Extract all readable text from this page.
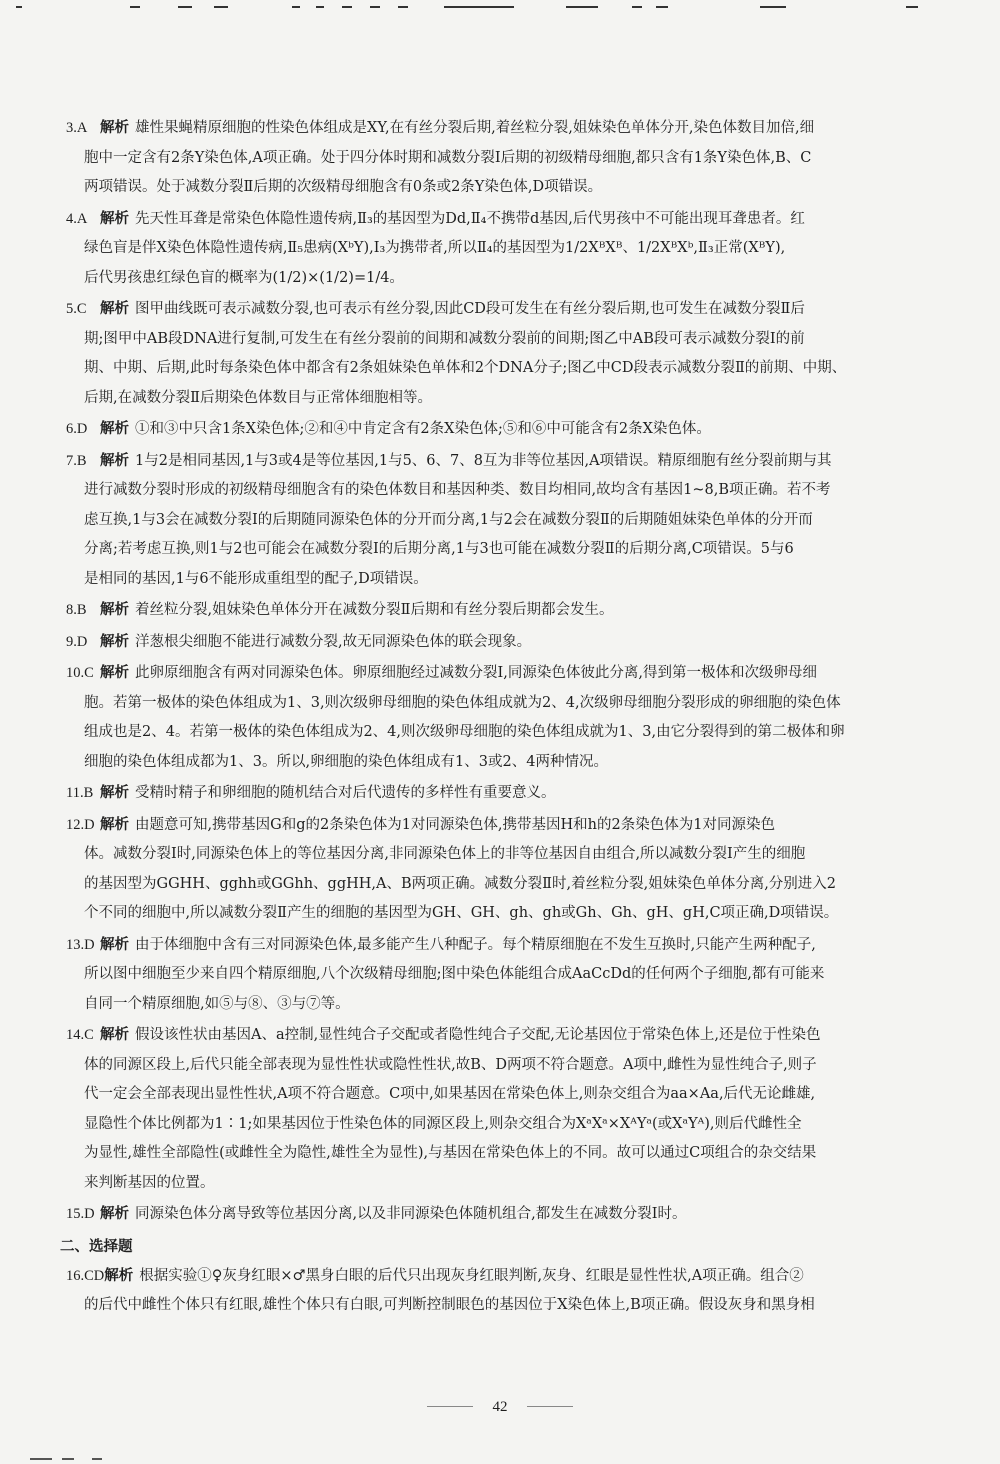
3.A 解析 雄性果蝇精原细胞的性染色体组成是XY,在有丝分裂后期,着丝粒分裂,姐妹染色单体分开,染色体数目加倍,细
胞中一定含有2条Y染色体,A项正确。处于四分体时期和减数分裂Ⅰ后期的初级精母细胞,都只含有1条Y染色体,B、C
两项错误。处于减数分裂Ⅱ后期的次级精母细胞含有0条或2条Y染色体,D项错误。
4.A 解析 先天性耳聋是常染色体隐性遗传病,Ⅱ₃的基因型为Dd,Ⅱ₄不携带d基因,后代男孩中不可能出现耳聋患者。红
绿色盲是伴X染色体隐性遗传病,Ⅱ₅患病(XᵇY),Ⅰ₃为携带者,所以Ⅱ₄的基因型为1/2XᴮXᴮ、1/2XᴮXᵇ,Ⅱ₃正常(XᴮY),
后代男孩患红绿色盲的概率为(1/2)×(1/2)=1/4。
5.C 解析 图甲曲线既可表示减数分裂,也可表示有丝分裂,因此CD段可发生在有丝分裂后期,也可发生在减数分裂Ⅱ后
期;图甲中AB段DNA进行复制,可发生在有丝分裂前的间期和减数分裂前的间期;图乙中AB段可表示减数分裂Ⅰ的前
期、中期、后期,此时每条染色体中都含有2条姐妹染色单体和2个DNA分子;图乙中CD段表示减数分裂Ⅱ的前期、中期、
后期,在减数分裂Ⅱ后期染色体数目与正常体细胞相等。
6.D 解析 ①和③中只含1条X染色体;②和④中肯定含有2条X染色体;⑤和⑥中可能含有2条X染色体。
7.B 解析 1与2是相同基因,1与3或4是等位基因,1与5、6、7、8互为非等位基因,A项错误。精原细胞有丝分裂前期与其
进行减数分裂时形成的初级精母细胞含有的染色体数目和基因种类、数目均相同,故均含有基因1~8,B项正确。若不考
虑互换,1与3会在减数分裂Ⅰ的后期随同源染色体的分开而分离,1与2会在减数分裂Ⅱ的后期随姐妹染色单体的分开而
分离;若考虑互换,则1与2也可能会在减数分裂Ⅰ的后期分离,1与3也可能在减数分裂Ⅱ的后期分离,C项错误。5与6
是相同的基因,1与6不能形成重组型的配子,D项错误。
8.B 解析 着丝粒分裂,姐妹染色单体分开在减数分裂Ⅱ后期和有丝分裂后期都会发生。
9.D 解析 洋葱根尖细胞不能进行减数分裂,故无同源染色体的联会现象。
10.C 解析 此卵原细胞含有两对同源染色体。卵原细胞经过减数分裂Ⅰ,同源染色体彼此分离,得到第一极体和次级卵母细
胞。若第一极体的染色体组成为1、3,则次级卵母细胞的染色体组成就为2、4,次级卵母细胞分裂形成的卵细胞的染色体
组成也是2、4。若第一极体的染色体组成为2、4,则次级卵母细胞的染色体组成就为1、3,由它分裂得到的第二极体和卵
细胞的染色体组成都为1、3。所以,卵细胞的染色体组成有1、3或2、4两种情况。
11.B 解析 受精时精子和卵细胞的随机结合对后代遗传的多样性有重要意义。
12.D 解析 由题意可知,携带基因G和g的2条染色体为1对同源染色体,携带基因H和h的2条染色体为1对同源染色
体。减数分裂Ⅰ时,同源染色体上的等位基因分离,非同源染色体上的非等位基因自由组合,所以减数分裂Ⅰ产生的细胞
的基因型为GGHH、gghh或GGhh、ggHH,A、B两项正确。减数分裂Ⅱ时,着丝粒分裂,姐妹染色单体分离,分别进入2
个不同的细胞中,所以减数分裂Ⅱ产生的细胞的基因型为GH、GH、gh、gh或Gh、Gh、gH、gH,C项正确,D项错误。
13.D 解析 由于体细胞中含有三对同源染色体,最多能产生八种配子。每个精原细胞在不发生互换时,只能产生两种配子,
所以图中细胞至少来自四个精原细胞,八个次级精母细胞;图中染色体能组合成AaCcDd的任何两个子细胞,都有可能来
自同一个精原细胞,如⑤与⑧、③与⑦等。
14.C 解析 假设该性状由基因A、a控制,显性纯合子交配或者隐性纯合子交配,无论基因位于常染色体上,还是位于性染色
体的同源区段上,后代只能全部表现为显性性状或隐性性状,故B、D两项不符合题意。A项中,雌性为显性纯合子,则子
代一定会全部表现出显性性状,A项不符合题意。C项中,如果基因在常染色体上,则杂交组合为aa×Aa,后代无论雌雄,
显隐性个体比例都为1∶1;如果基因位于性染色体的同源区段上,则杂交组合为XᵃXᵃ×XᴬYᵃ(或XᵃYᴬ),则后代雌性全
为显性,雄性全部隐性(或雌性全为隐性,雄性全为显性),与基因在常染色体上的不同。故可以通过C项组合的杂交结果
来判断基因的位置。
15.D 解析 同源染色体分离导致等位基因分离,以及非同源染色体随机组合,都发生在减数分裂Ⅰ时。
二、选择题
16.CD解析 根据实验①♀灰身红眼×♂黑身白眼的后代只出现灰身红眼判断,灰身、红眼是显性性状,A项正确。组合②
的后代中雌性个体只有红眼,雄性个体只有白眼,可判断控制眼色的基因位于X染色体上,B项正确。假设灰身和黑身相
42
